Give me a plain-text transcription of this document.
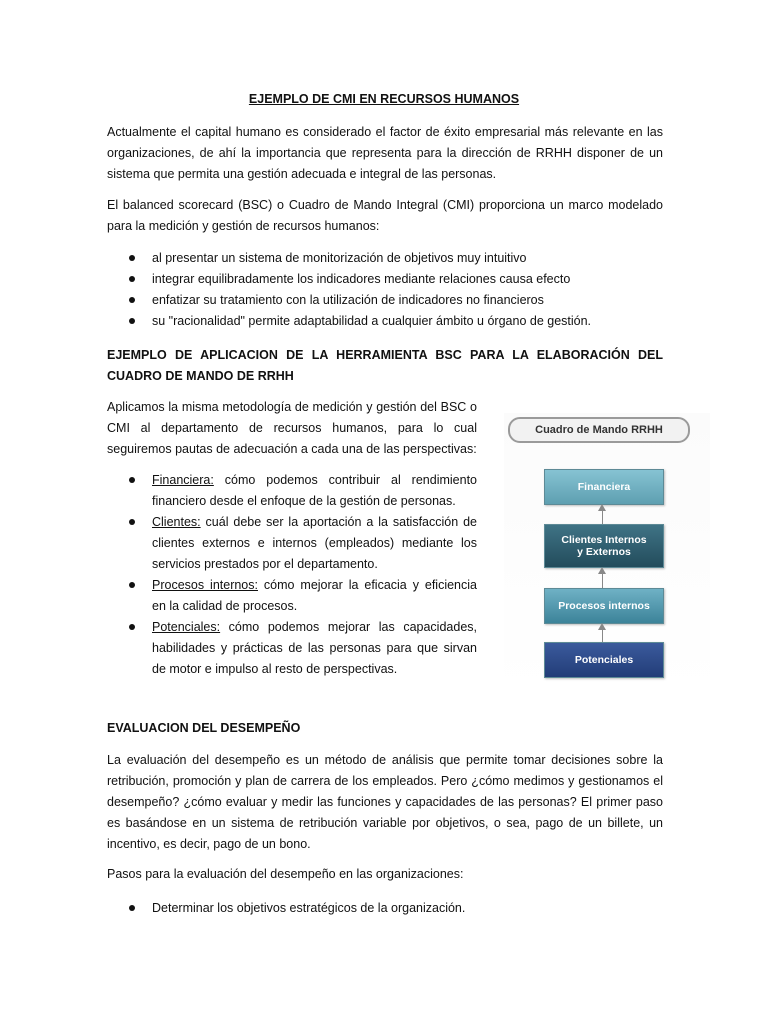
EJEMPLO DE CMI EN RECURSOS HUMANOS

Actualmente el capital humano es considerado el factor de éxito empresarial más relevante en las organizaciones, de ahí la importancia que representa para la dirección de RRHH disponer de un sistema que permita una gestión adecuada e integral de las personas.

El balanced scorecard (BSC) o Cuadro de Mando Integral (CMI) proporciona un marco modelado para la medición y gestión de recursos humanos:

al presentar un sistema de monitorización de objetivos muy intuitivo
integrar equilibradamente los indicadores mediante relaciones causa efecto
enfatizar su tratamiento con la utilización de indicadores no financieros
su "racionalidad" permite adaptabilidad a cualquier ámbito u órgano de gestión.

EJEMPLO DE APLICACION DE LA HERRAMIENTA BSC PARA LA ELABORACIÓN DEL CUADRO DE MANDO DE RRHH

Aplicamos la misma metodología de medición y gestión del BSC o CMI al departamento de recursos humanos, para lo cual seguiremos pautas de adecuación a cada una de las perspectivas:

Financiera: cómo podemos contribuir al rendimiento financiero desde el enfoque de la gestión de personas.
Clientes: cuál debe ser la aportación a la satisfacción de clientes externos e internos (empleados) mediante los servicios prestados por el departamento.
Procesos internos: cómo mejorar la eficacia y eficiencia en la calidad de procesos.
Potenciales: cómo podemos mejorar las capacidades, habilidades y prácticas de las personas para que sirvan de motor e impulso al resto de perspectivas.
Cuadro de Mando RRHH
Financiera
Clientes Internos
y Externos
Procesos internos
Potenciales

EVALUACION DEL DESEMPEÑO

La evaluación del desempeño es un método de análisis que permite tomar decisiones sobre la retribución, promoción y plan de carrera de los empleados. Pero ¿cómo medimos y gestionamos el desempeño? ¿cómo evaluar y medir las funciones y capacidades de las personas? El primer paso es basándose en un sistema de retribución variable por objetivos, o sea, pago de un billete, un incentivo, es decir, pago de un bono.

Pasos para la evaluación del desempeño en las organizaciones:

Determinar los objetivos estratégicos de la organización.
